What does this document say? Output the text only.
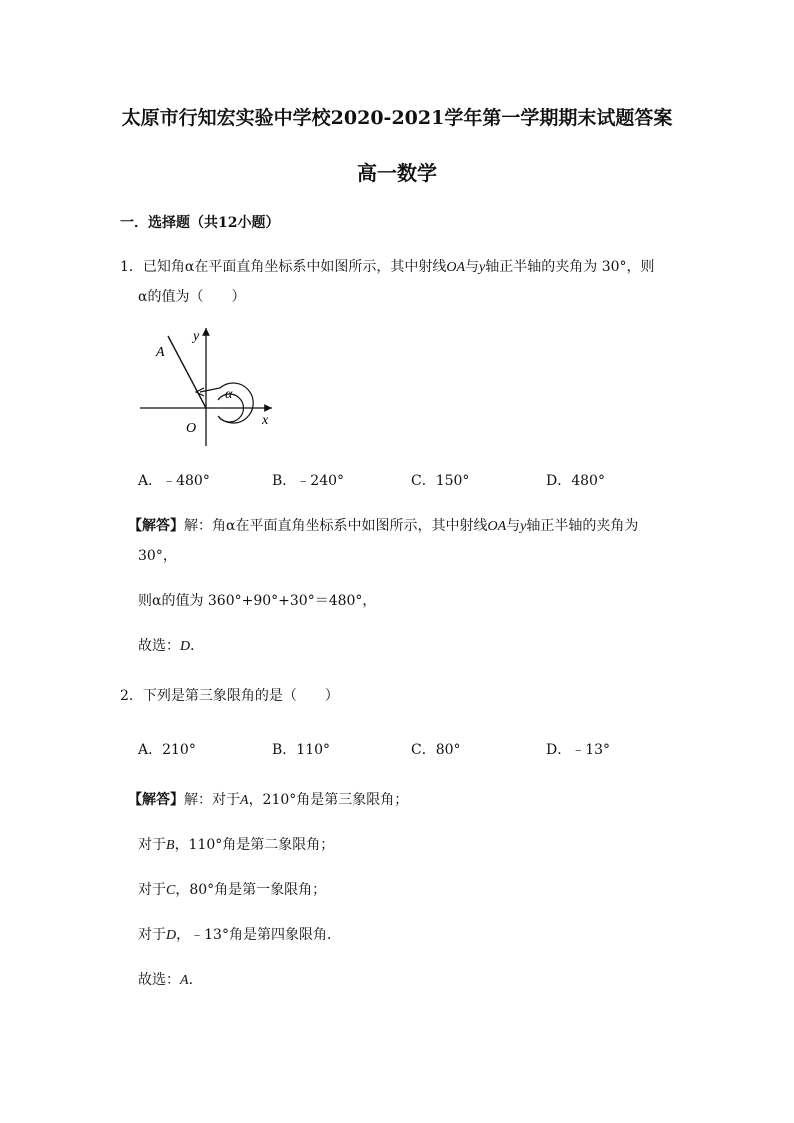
太原市行知宏实验中学校2020-2021学年第一学期期末试题答案
高一数学
一．选择题（共12小题）
1．已知角α在平面直角坐标系中如图所示，其中射线OA与y轴正半轴的夹角为 30°，则
α的值为（　　）
A
y
α
O
x
A．﹣480°	B．﹣240°	C．150°	D．480°
【解答】解：角α在平面直角坐标系中如图所示，其中射线OA与y轴正半轴的夹角为
30°，
则α的值为 360°+90°+30°＝480°，
故选：D．
2．下列是第三象限角的是（　　）
A．210°	B．110°	C．80°	D．﹣13°
【解答】解：对于A，210°角是第三象限角；
对于B，110°角是第二象限角；
对于C，80°角是第一象限角；
对于D，﹣13°角是第四象限角．
故选：A．
